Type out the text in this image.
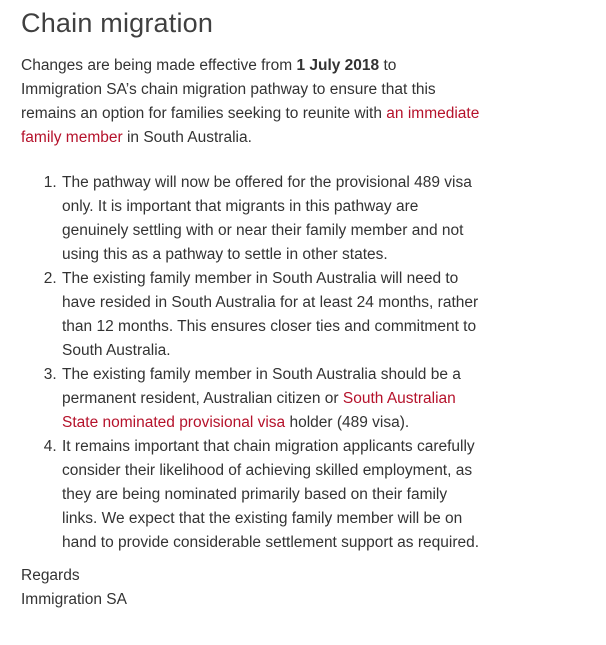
Chain migration

Changes are being made effective from 1 July 2018 to Immigration SA’s chain migration pathway to ensure that this remains an option for families seeking to reunite with an immediate family member in South Australia.

1. The pathway will now be offered for the provisional 489 visa only. It is important that migrants in this pathway are genuinely settling with or near their family member and not using this as a pathway to settle in other states.
2. The existing family member in South Australia will need to have resided in South Australia for at least 24 months, rather than 12 months. This ensures closer ties and commitment to South Australia.
3. The existing family member in South Australia should be a permanent resident, Australian citizen or South Australian State nominated provisional visa holder (489 visa).
4. It remains important that chain migration applicants carefully consider their likelihood of achieving skilled employment, as they are being nominated primarily based on their family links. We expect that the existing family member will be on hand to provide considerable settlement support as required.

Regards

Immigration SA
